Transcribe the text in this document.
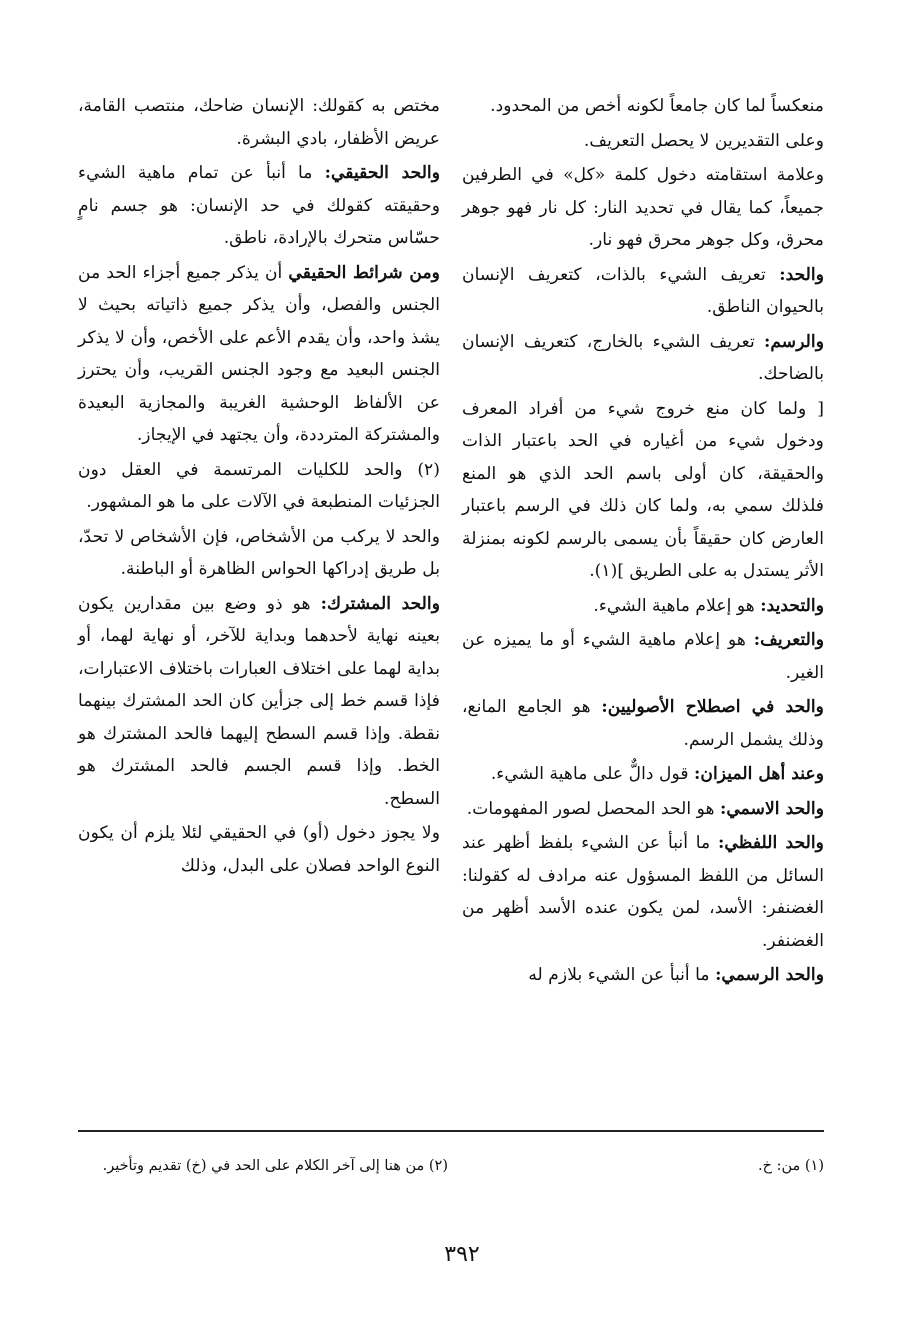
منعكساً لما كان جامعاً لكونه أخص من المحدود.
وعلى التقديرين لا يحصل التعريف.
وعلامة استقامته دخول كلمة «كل» في الطرفين جميعاً، كما يقال في تحديد النار: كل نار فهو جوهر محرق، وكل جوهر محرق فهو نار.
والحد: تعريف الشيء بالذات، كتعريف الإنسان بالحيوان الناطق.
والرسم: تعريف الشيء بالخارج، كتعريف الإنسان بالضاحك.
[ ولما كان منع خروج شيء من أفراد المعرف ودخول شيء من أغياره في الحد باعتبار الذات والحقيقة، كان أولى باسم الحد الذي هو المنع فلذلك سمي به، ولما كان ذلك في الرسم باعتبار العارض كان حقيقاً بأن يسمى بالرسم لكونه بمنزلة الأثر يستدل به على الطريق ](١).
والتحديد: هو إعلام ماهية الشيء.
والتعريف: هو إعلام ماهية الشيء أو ما يميزه عن الغير.
والحد في اصطلاح الأصوليين: هو الجامع المانع، وذلك يشمل الرسم.
وعند أهل الميزان: قول دالٌّ على ماهية الشيء.
والحد الاسمي: هو الحد المحصل لصور المفهومات.
والحد اللفظي: ما أنبأ عن الشيء بلفظ أظهر عند السائل من اللفظ المسؤول عنه مرادف له كقولنا: الغضنفر: الأسد، لمن يكون عنده الأسد أظهر من الغضنفر.
والحد الرسمي: ما أنبأ عن الشيء بلازم له
مختص به كقولك: الإنسان ضاحك، منتصب القامة، عريض الأظفار، بادي البشرة.
والحد الحقيقي: ما أنبأ عن تمام ماهية الشيء وحقيقته كقولك في حد الإنسان: هو جسم نامٍ حسّاس متحرك بالإرادة، ناطق.
ومن شرائط الحقيقي أن يذكر جميع أجزاء الحد من الجنس والفصل، وأن يذكر جميع ذاتياته بحيث لا يشذ واحد، وأن يقدم الأعم على الأخص، وأن لا يذكر الجنس البعيد مع وجود الجنس القريب، وأن يحترز عن الألفاظ الوحشية الغريبة والمجازية البعيدة والمشتركة المترددة، وأن يجتهد في الإيجاز.
(٢) والحد للكليات المرتسمة في العقل دون الجزئيات المنطبعة في الآلات على ما هو المشهور.
والحد لا يركب من الأشخاص، فإن الأشخاص لا تحدّ، بل طريق إدراكها الحواس الظاهرة أو الباطنة.
والحد المشترك: هو ذو وضع بين مقدارين يكون بعينه نهاية لأحدهما وبداية للآخر، أو نهاية لهما، أو بداية لهما على اختلاف العبارات باختلاف الاعتبارات، فإذا قسم خط إلى جزأين كان الحد المشترك بينهما نقطة. وإذا قسم السطح إليهما فالحد المشترك هو الخط. وإذا قسم الجسم فالحد المشترك هو السطح.
ولا يجوز دخول (أو) في الحقيقي لئلا يلزم أن يكون النوع الواحد فصلان على البدل، وذلك
(١) من: خ.
(٢) من هنا إلى آخر الكلام على الحد في (خ) تقديم وتأخير.
٣٩٢
